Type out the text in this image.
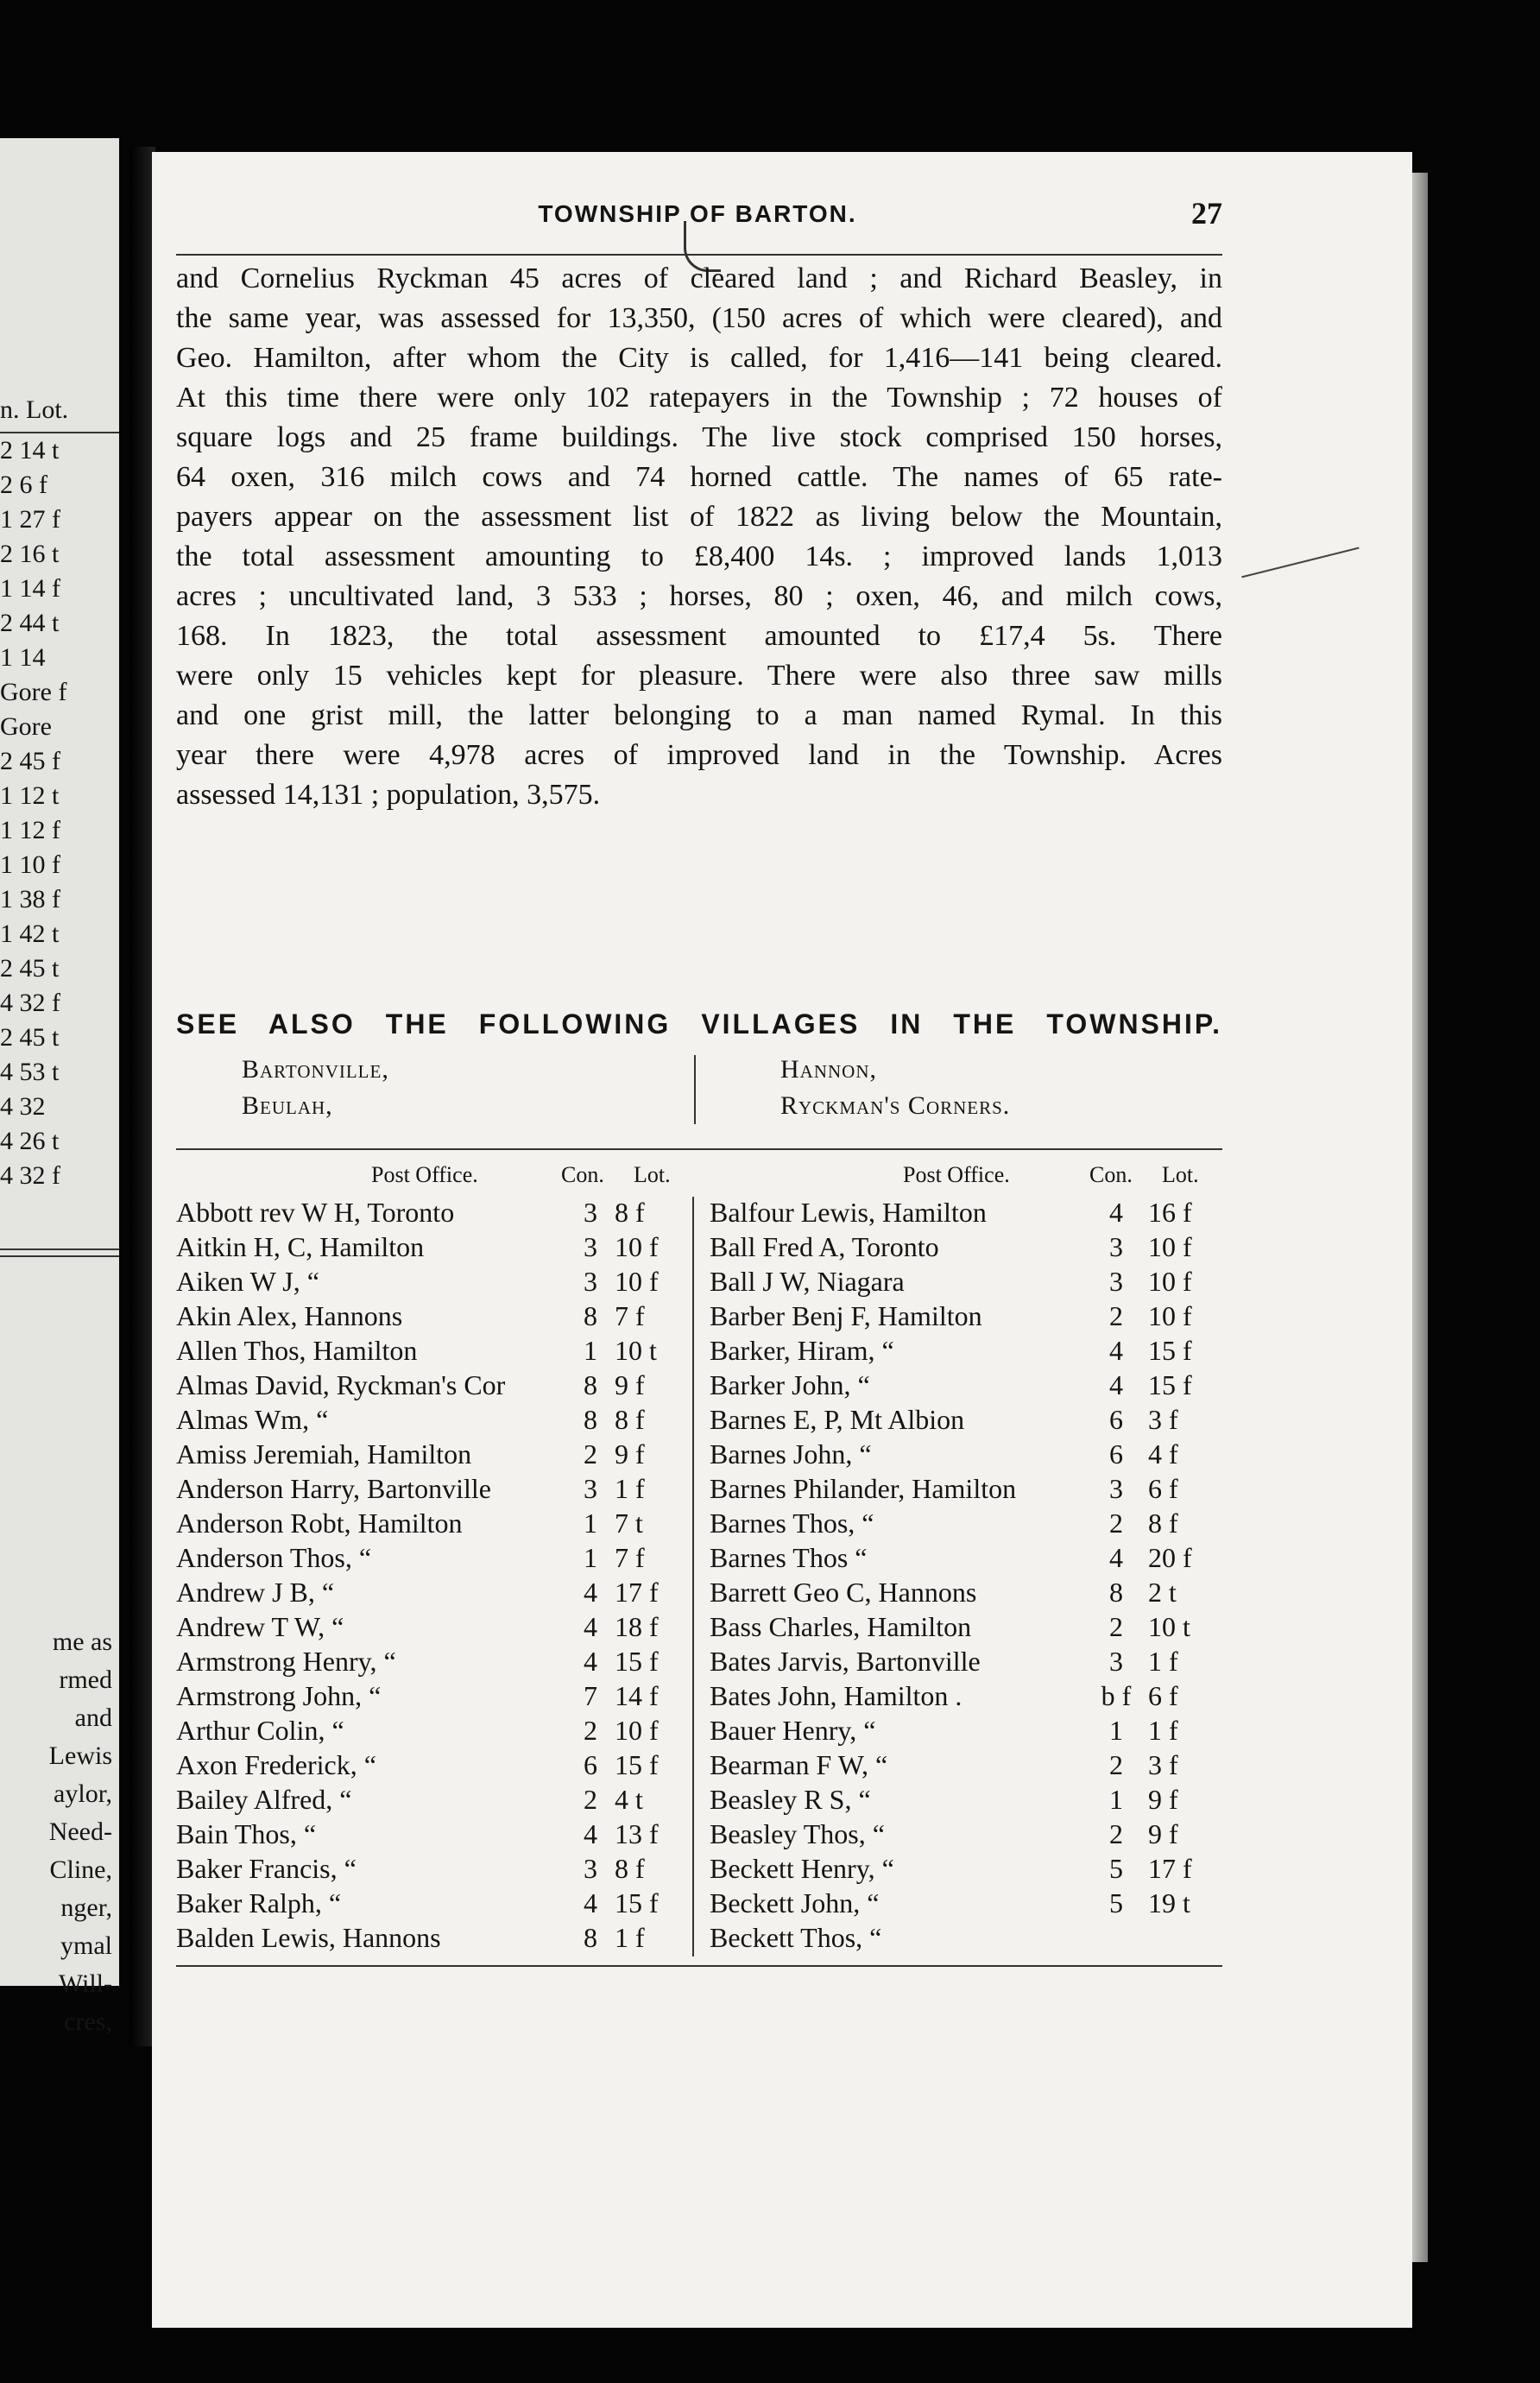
n. Lot.
2 14 t
2 6 f
1 27 f
2 16 t
1 14 f
2 44 t
1 14
Gore f
Gore
2 45 f
1 12 t
1 12 f
1 10 f
1 38 f
1 42 t
2 45 t
4 32 f
2 45 t
4 53 t
4 32
4 26 t
4 32 f
me as
rmed
and
Lewis
aylor,
Need-
Cline,
nger,
ymal
Will-
cres,
TOWNSHIP OF BARTON.	27
and Cornelius Ryckman 45 acres of cleared land ; and Richard Beasley, in
the same year, was assessed for 13,350, (150 acres of which were cleared), and
Geo. Hamilton, after whom the City is called, for 1,416—141 being cleared.
At this time there were only 102 ratepayers in the Township ; 72 houses of
square logs and 25 frame buildings. The live stock comprised 150 horses,
64 oxen, 316 milch cows and 74 horned cattle. The names of 65 rate-
payers appear on the assessment list of 1822 as living below the Mountain,
the total assessment amounting to £8,400 14s. ; improved lands 1,013
acres ; uncultivated land, 3 533 ; horses, 80 ; oxen, 46, and milch cows,
168. In 1823, the total assessment amounted to £17,4 5s. There
were only 15 vehicles kept for pleasure. There were also three saw mills
and one grist mill, the latter belonging to a man named Rymal. In this
year there were 4,978 acres of improved land in the Township. Acres
assessed 14,131 ; population, 3,575.
SEE ALSO THE FOLLOWING VILLAGES IN THE TOWNSHIP.
Bartonville,
Beulah,
Hannon,
Ryckman's Corners.
Post Office.	Con. Lot.	Post Office.	Con. Lot.
Abbott rev W H, Toronto	3 8 f
Aitkin H, C, Hamilton	3 10 f
Aiken W J, “	3 10 f
Akin Alex, Hannons	8 7 f
Allen Thos, Hamilton	1 10 t
Almas David, Ryckman's Cor	8 9 f
Almas Wm, “	8 8 f
Amiss Jeremiah, Hamilton	2 9 f
Anderson Harry, Bartonville	3 1 f
Anderson Robt, Hamilton	1 7 t
Anderson Thos, “	1 7 f
Andrew J B, “	4 17 f
Andrew T W, “	4 18 f
Armstrong Henry, “	4 15 f
Armstrong John, “	7 14 f
Arthur Colin, “	2 10 f
Axon Frederick, “	6 15 f
Bailey Alfred, “	2 4 t
Bain Thos, “	4 13 f
Baker Francis, “	3 8 f
Baker Ralph, “	4 15 f
Balden Lewis, Hannons	8 1 f
Balfour Lewis, Hamilton	4 16 f
Ball Fred A, Toronto	3 10 f
Ball J W, Niagara	3 10 f
Barber Benj F, Hamilton	2 10 f
Barker, Hiram, “	4 15 f
Barker John, “	4 15 f
Barnes E, P, Mt Albion	6 3 f
Barnes John, “	6 4 f
Barnes Philander, Hamilton	3 6 f
Barnes Thos, “	2 8 f
Barnes Thos “	4 20 f
Barrett Geo C, Hannons	8 2 t
Bass Charles, Hamilton	2 10 t
Bates Jarvis, Bartonville	3 1 f
Bates John, Hamilton .	b f 6 f
Bauer Henry, “	1 1 f
Bearman F W, “	2 3 f
Beasley R S, “	1 9 f
Beasley Thos, “	2 9 f
Beckett Henry, “	5 17 f
Beckett John, “	5 19 t
Beckett Thos, “
